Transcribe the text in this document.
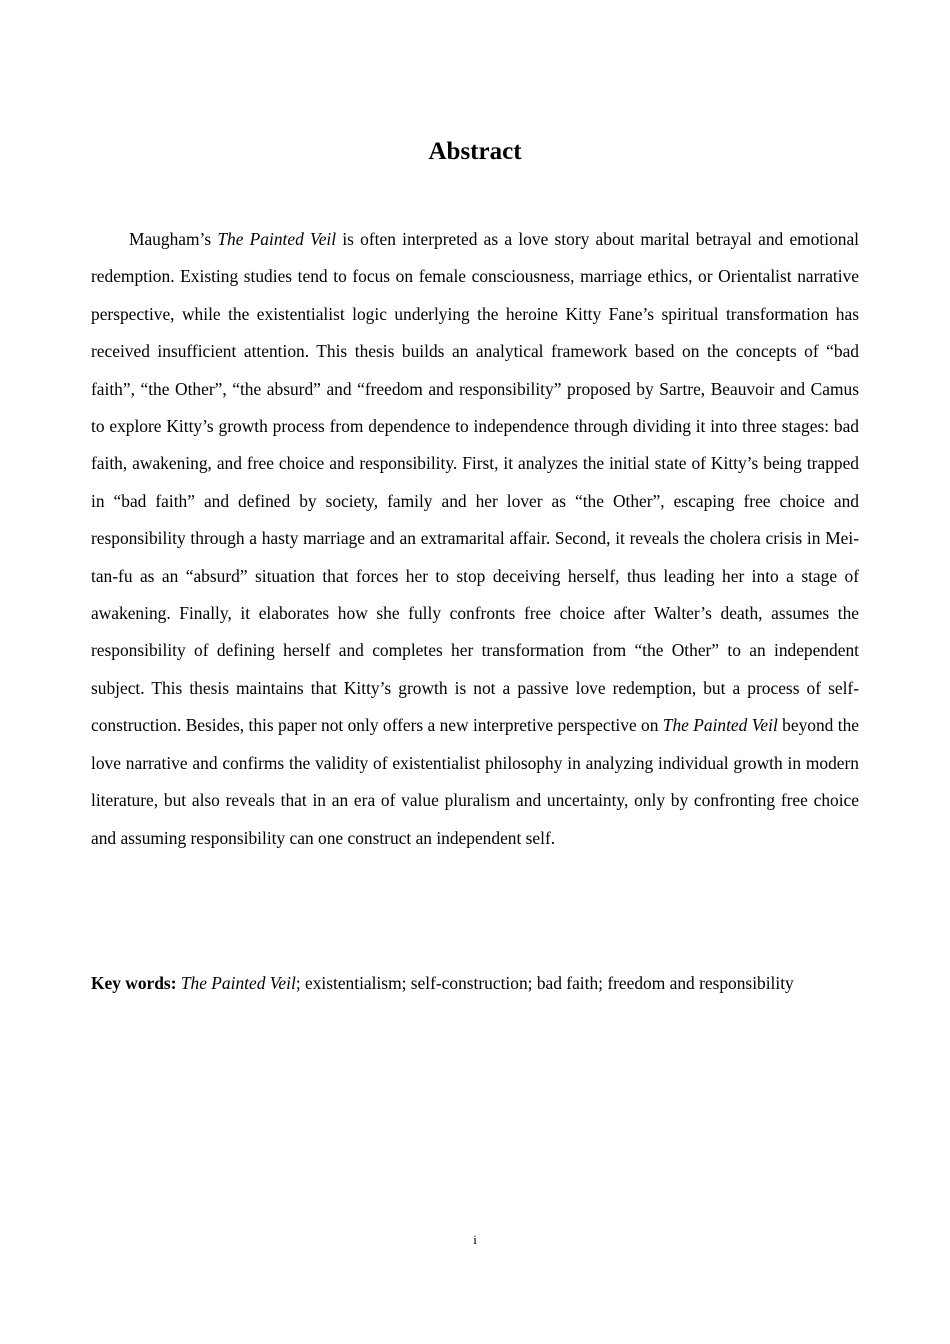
Abstract

Maugham’s The Painted Veil is often interpreted as a love story about marital betrayal and emotional redemption. Existing studies tend to focus on female consciousness, marriage ethics, or Orientalist narrative perspective, while the existentialist logic underlying the heroine Kitty Fane’s spiritual transformation has received insufficient attention. This thesis builds an analytical framework based on the concepts of “bad faith”, “the Other”, “the absurd” and “freedom and responsibility” proposed by Sartre, Beauvoir and Camus to explore Kitty’s growth process from dependence to independence through dividing it into three stages: bad faith, awakening, and free choice and responsibility. First, it analyzes the initial state of Kitty’s being trapped in “bad faith” and defined by society, family and her lover as “the Other”, escaping free choice and responsibility through a hasty marriage and an extramarital affair. Second, it reveals the cholera crisis in Mei-tan-fu as an “absurd” situation that forces her to stop deceiving herself, thus leading her into a stage of awakening. Finally, it elaborates how she fully confronts free choice after Walter’s death, assumes the responsibility of defining herself and completes her transformation from “the Other” to an independent subject. This thesis maintains that Kitty’s growth is not a passive love redemption, but a process of self-construction. Besides, this paper not only offers a new interpretive perspective on The Painted Veil beyond the love narrative and confirms the validity of existentialist philosophy in analyzing individual growth in modern literature, but also reveals that in an era of value pluralism and uncertainty, only by confronting free choice and assuming responsibility can one construct an independent self.

Key words: The Painted Veil; existentialism; self-construction; bad faith; freedom and responsibility

i
